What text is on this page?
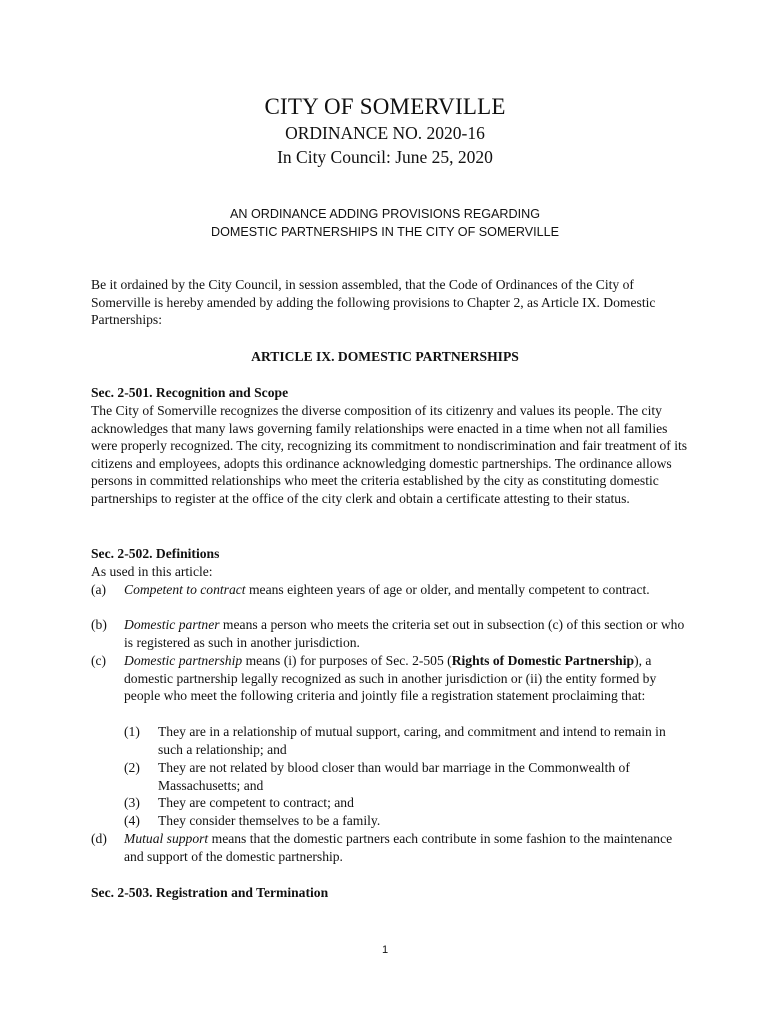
CITY OF SOMERVILLE
ORDINANCE NO. 2020-16
In City Council: June 25, 2020
AN ORDINANCE ADDING PROVISIONS REGARDING
DOMESTIC PARTNERSHIPS IN THE CITY OF SOMERVILLE
Be it ordained by the City Council, in session assembled, that the Code of Ordinances of the City of Somerville is hereby amended by adding the following provisions to Chapter 2, as Article IX. Domestic Partnerships:
ARTICLE IX. DOMESTIC PARTNERSHIPS
Sec. 2-501. Recognition and Scope
The City of Somerville recognizes the diverse composition of its citizenry and values its people. The city acknowledges that many laws governing family relationships were enacted in a time when not all families were properly recognized. The city, recognizing its commitment to nondiscrimination and fair treatment of its citizens and employees, adopts this ordinance acknowledging domestic partnerships. The ordinance allows persons in committed relationships who meet the criteria established by the city as constituting domestic partnerships to register at the office of the city clerk and obtain a certificate attesting to their status.
Sec. 2-502. Definitions
As used in this article:
(a)	Competent to contract means eighteen years of age or older, and mentally competent to contract.
(b)	Domestic partner means a person who meets the criteria set out in subsection (c) of this section or who is registered as such in another jurisdiction.
(c)	Domestic partnership means (i) for purposes of Sec. 2-505 (Rights of Domestic Partnership), a domestic partnership legally recognized as such in another jurisdiction or (ii) the entity formed by people who meet the following criteria and jointly file a registration statement proclaiming that:
(1)	They are in a relationship of mutual support, caring, and commitment and intend to remain in such a relationship; and
(2)	They are not related by blood closer than would bar marriage in the Commonwealth of Massachusetts; and
(3)	They are competent to contract; and
(4)	They consider themselves to be a family.
(d)	Mutual support means that the domestic partners each contribute in some fashion to the maintenance and support of the domestic partnership.
Sec. 2-503. Registration and Termination
1
